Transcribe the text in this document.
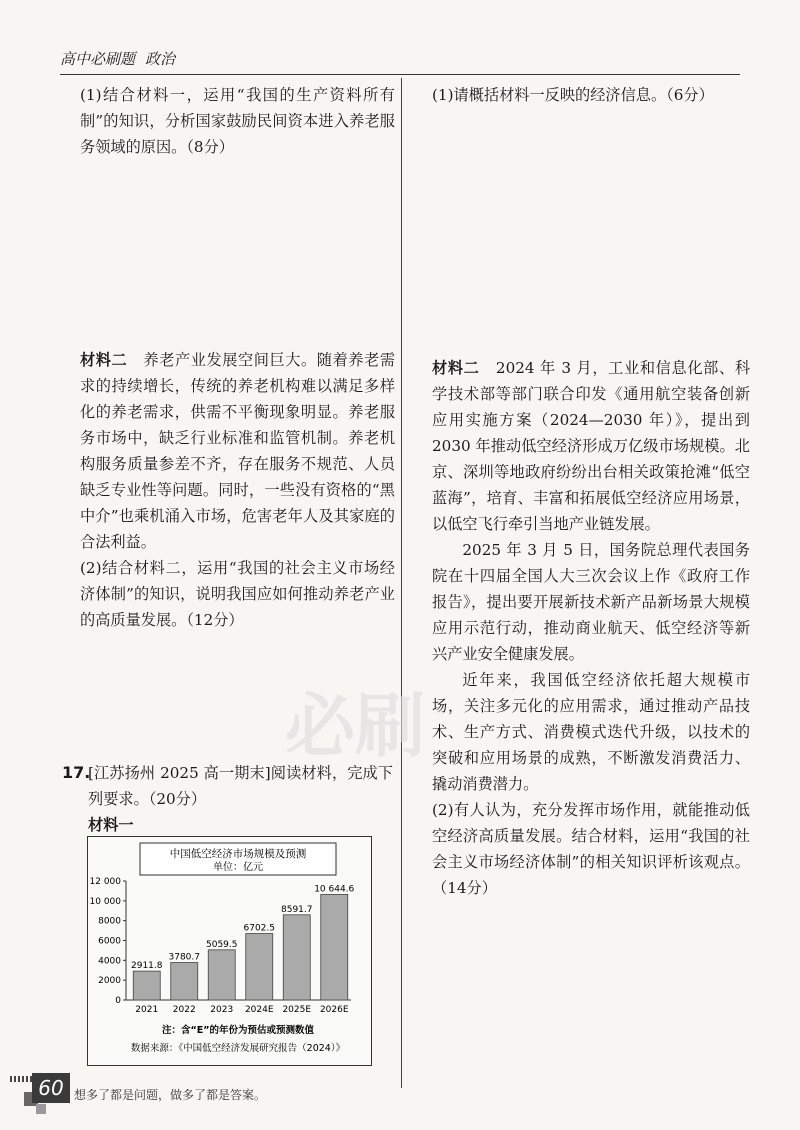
高中必刷题 政治

(1)结合材料一，运用“我国的生产资料所有制”的知识，分析国家鼓励民间资本进入养老服务领域的原因。（8分）

材料二 养老产业发展空间巨大。随着养老需求的持续增长，传统的养老机构难以满足多样化的养老需求，供需不平衡现象明显。养老服务市场中，缺乏行业标准和监管机制。养老机构服务质量参差不齐，存在服务不规范、人员缺乏专业性等问题。同时，一些没有资格的“黑中介”也乘机涌入市场，危害老年人及其家庭的合法利益。

(2)结合材料二，运用“我国的社会主义市场经济体制”的知识，说明我国应如何推动养老产业的高质量发展。（12分）

必刷
17.

[江苏扬州 2025 高一期末]阅读材料，完成下列要求。（20分）

材料一

中国低空经济市场规模及预测
单位：亿元
注：含“E”的年份为预估或预测数值
数据来源：《中国低空经济发展研究报告（2024）》
0
2000
4000
6000
8000
10 000
12 000
2911.8
2021
3780.7
2022
5059.5
2023
6702.5
2024E
8591.7
2025E
10 644.6
2026E

(1)请概括材料一反映的经济信息。（6分）

材料二 2024 年 3 月，工业和信息化部、科学技术部等部门联合印发《通用航空装备创新应用实施方案（2024—2030 年）》，提出到 2030 年推动低空经济形成万亿级市场规模。北京、深圳等地政府纷纷出台相关政策抢滩“低空蓝海”，培育、丰富和拓展低空经济应用场景，以低空飞行牵引当地产业链发展。

2025 年 3 月 5 日，国务院总理代表国务院在十四届全国人大三次会议上作《政府工作报告》，提出要开展新技术新产品新场景大规模应用示范行动，推动商业航天、低空经济等新兴产业安全健康发展。

近年来，我国低空经济依托超大规模市场，关注多元化的应用需求，通过推动产品技术、生产方式、消费模式迭代升级，以技术的突破和应用场景的成熟，不断激发消费活力、撬动消费潜力。

(2)有人认为，充分发挥市场作用，就能推动低空经济高质量发展。结合材料，运用“我国的社会主义市场经济体制”的相关知识评析该观点。（14分）

60 想多了都是问题，做多了都是答案。
